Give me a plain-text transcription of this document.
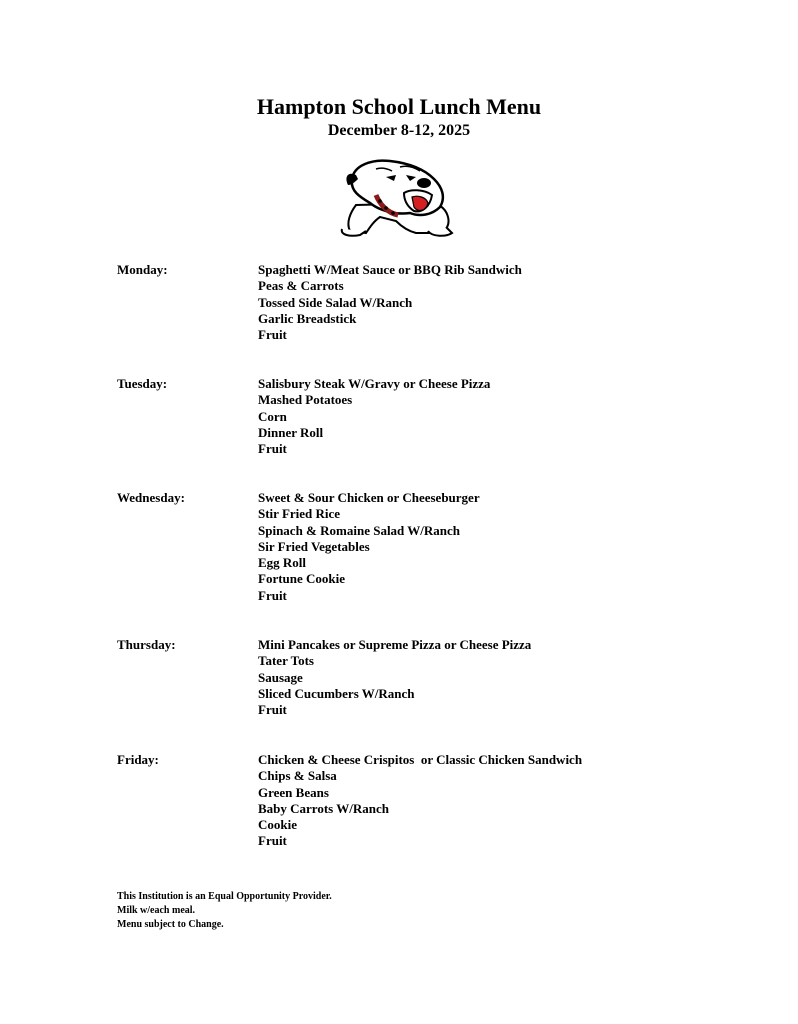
Hampton School Lunch Menu
December 8-12, 2025
Monday:	Spaghetti W/Meat Sauce or BBQ Rib Sandwich
Peas & Carrots
Tossed Side Salad W/Ranch
Garlic Breadstick
Fruit
Tuesday:	Salisbury Steak W/Gravy or Cheese Pizza
Mashed Potatoes
Corn
Dinner Roll
Fruit
Wednesday:	Sweet & Sour Chicken or Cheeseburger
Stir Fried Rice
Spinach & Romaine Salad W/Ranch
Sir Fried Vegetables
Egg Roll
Fortune Cookie
Fruit
Thursday:	Mini Pancakes or Supreme Pizza or Cheese Pizza
Tater Tots
Sausage
Sliced Cucumbers W/Ranch
Fruit
Friday:	Chicken & Cheese Crispitos  or Classic Chicken Sandwich
Chips & Salsa
Green Beans
Baby Carrots W/Ranch
Cookie
Fruit
This Institution is an Equal Opportunity Provider.
Milk w/each meal.
Menu subject to Change.
